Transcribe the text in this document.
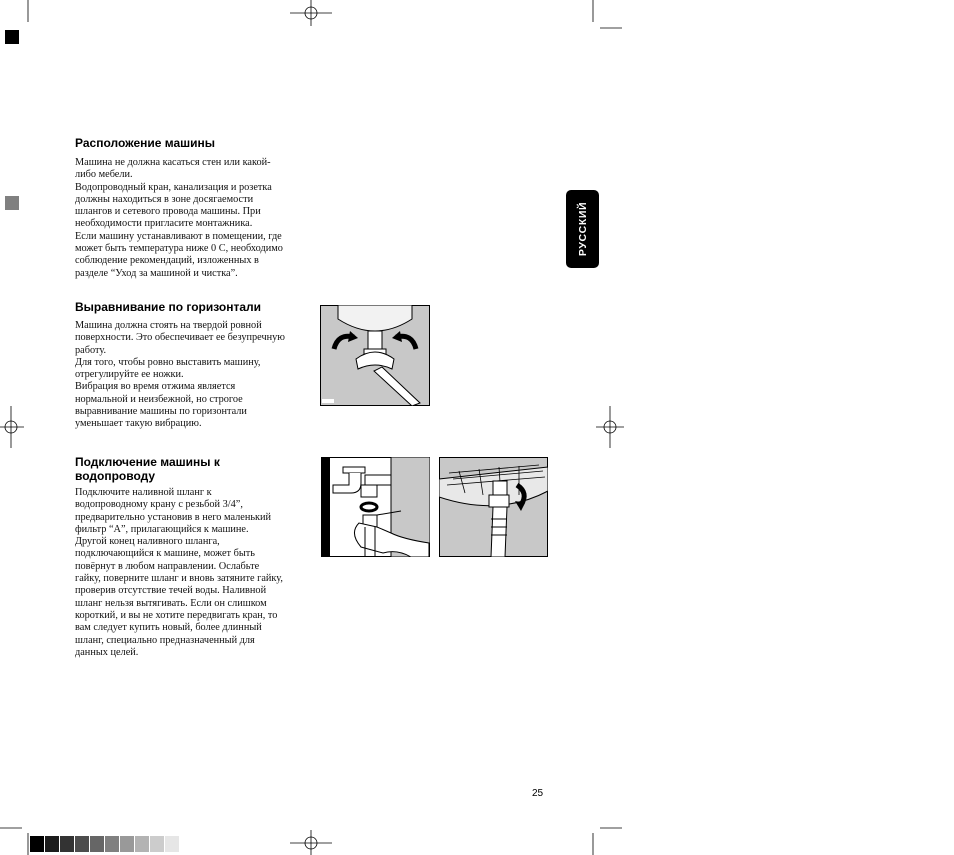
РУССКИЙ
Расположение машины
Машина не должна касаться стен или какой-
либо мебели.
Водопроводный кран, канализация и розетка
должны находиться в зоне досягаемости
шлангов и сетевого провода машины. При
необходимости пригласите монтажника.
Если машину устанавливают в помещении, где
может быть температура ниже 0 С, необходимо
соблюдение рекомендаций, изложенных в
разделе “Уход за машиной и чистка”.
Выравнивание по горизонтали
Машина должна стоять на твердой ровной
поверхности. Это обеспечивает ее безупречную
работу.
Для того, чтобы ровно выставить машину,
отрегулируйте ее ножки.
Вибрация во время отжима является
нормальной и неизбежной, но строгое
выравнивание машины по горизонтали
уменьшает такую вибрацию.
Подключение машины к
водопроводу
Подключите наливной шланг к
водопроводному крану с резьбой 3/4”,
предварительно установив в него маленький
фильтр “А”, прилагающийся к машине.
Другой конец наливного шланга,
подключающийся к машине, может быть
повёрнут в любом направлении. Ослабьте
гайку, поверните шланг и вновь затяните гайку,
проверив отсутствие течей воды. Наливной
шланг нельзя вытягивать. Если он слишком
короткий, и вы не хотите передвигать кран, то
вам следует купить новый, более длинный
шланг, специально предназначенный для
данных целей.
25
